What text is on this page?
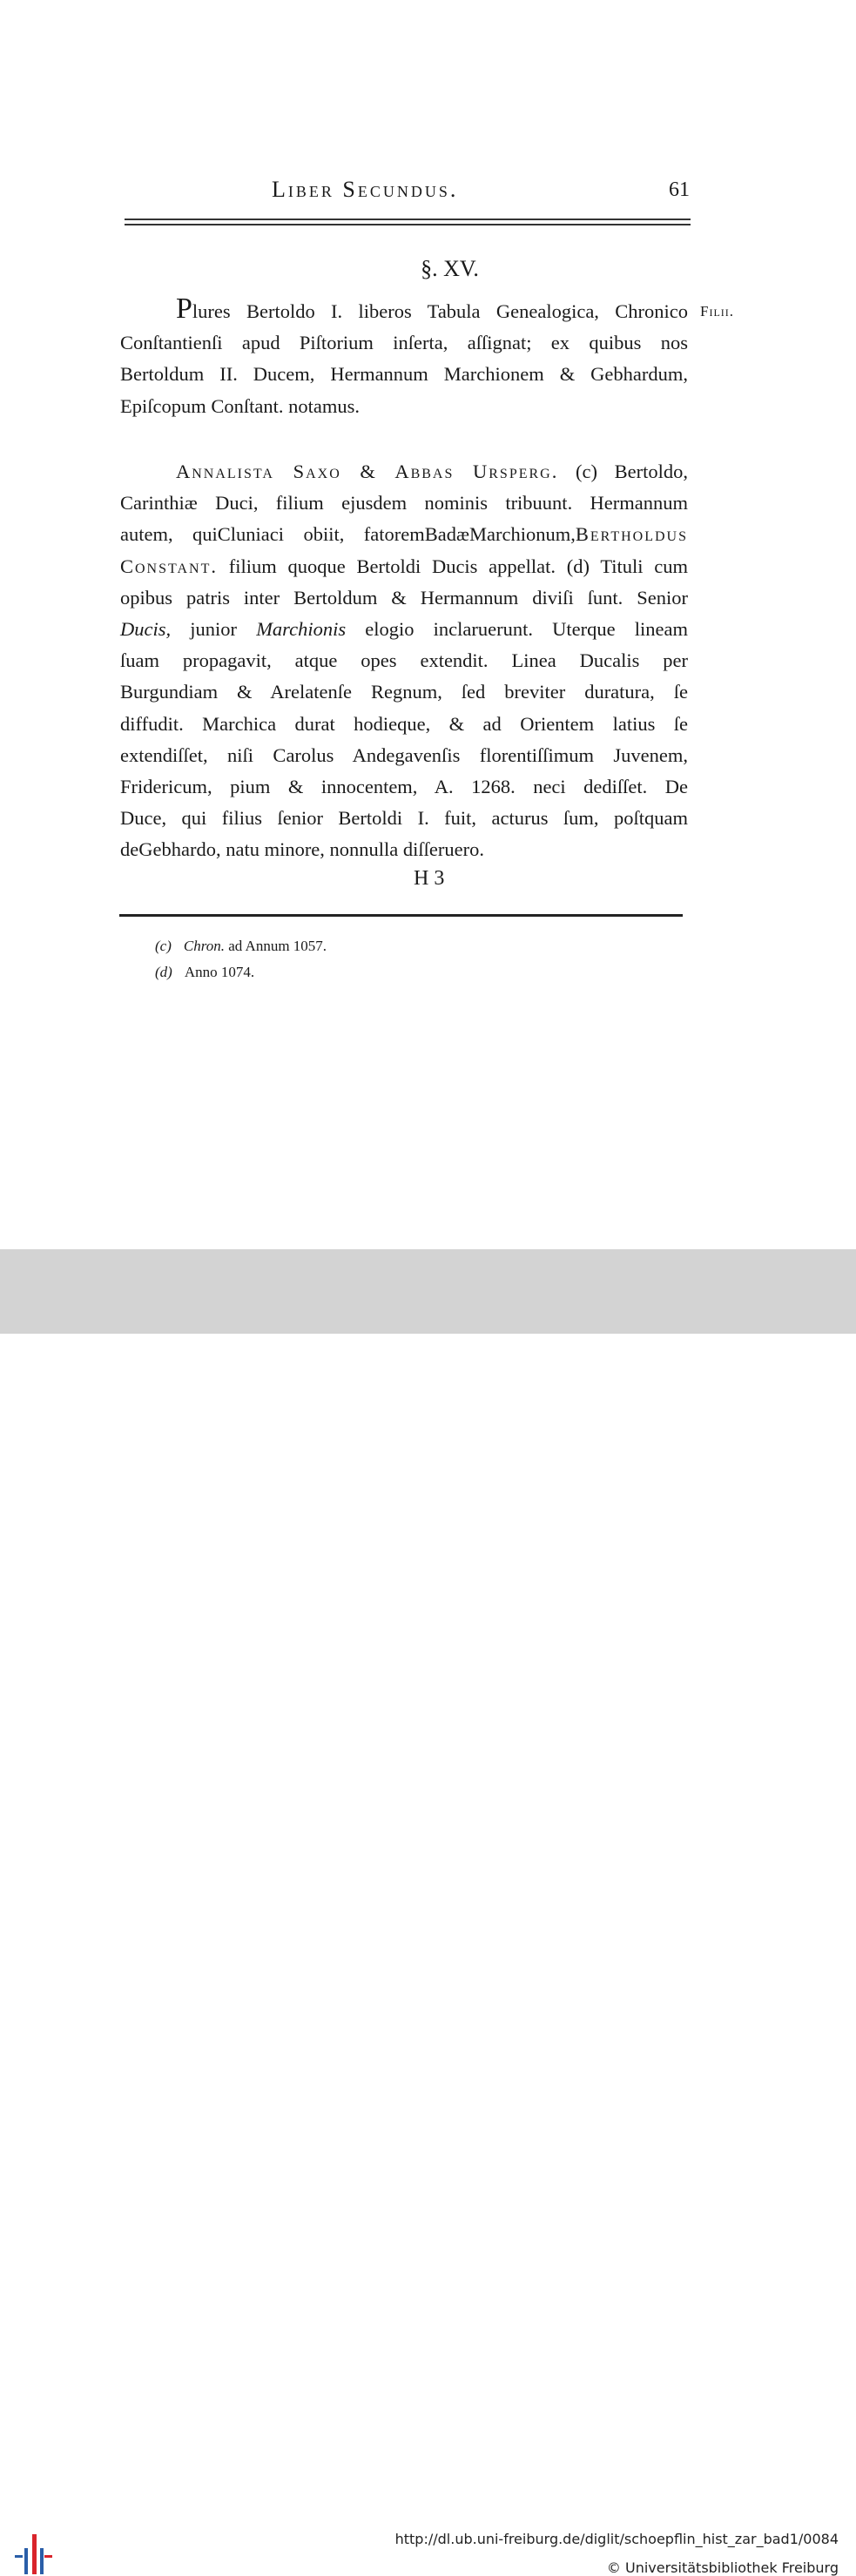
Liber Secundus.	61
§. XV.
Filii.
Plures Bertoldo I. liberos Tabula Genealogica, Chronico
Conſtantienſi apud Piſtorium inſerta, aſſignat; ex quibus nos
Bertoldum II. Ducem, Hermannum Marchionem & Gebhardum,
Epiſcopum Conſtant. notamus.
Annalista Saxo & Abbas Ursperg. (c) Bertoldo,
Carinthiæ Duci, filium ejusdem nominis tribuunt. Hermannum
autem, quiCluniaci obiit, fatoremBadæMarchionum,Bertholdus
Constant. filium quoque Bertoldi Ducis appellat. (d) Tituli cum
opibus patris inter Bertoldum & Hermannum diviſi ſunt. Senior
Ducis, junior Marchionis elogio inclaruerunt. Uterque lineam
ſuam propagavit, atque opes extendit. Linea Ducalis per
Burgundiam & Arelatenſe Regnum, ſed breviter duratura, ſe
diffudit. Marchica durat hodieque, & ad Orientem latius ſe
extendiſſet, niſi Carolus Andegavenſis florentiſſimum Juvenem,
Fridericum, pium & innocentem, A. 1268. neci dediſſet. De
Duce, qui filius ſenior Bertoldi I. fuit, acturus ſum, poſtquam
deGebhardo, natu minore, nonnulla diſſeruero.
H 3
(c) Chron. ad Annum 1057.
(d) Anno 1074.
http://dl.ub.uni-freiburg.de/diglit/schoepflin_hist_zar_bad1/0084
© Universitätsbibliothek Freiburg
